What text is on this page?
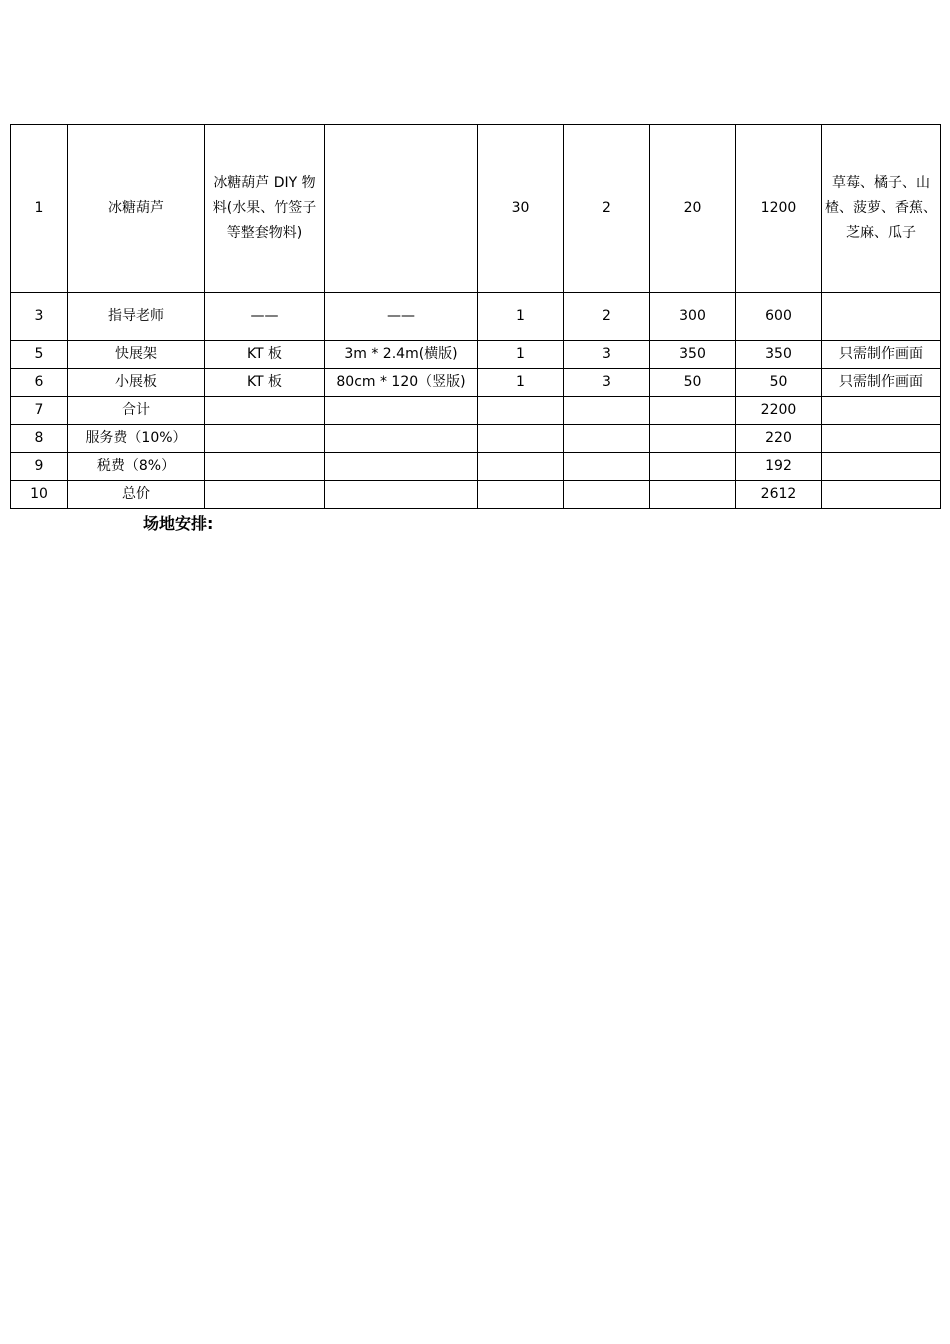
1	冰糖葫芦	冰糖葫芦 DIY 物料(水果、竹签子等整套物料)		30	2	20	1200	草莓、橘子、山楂、菠萝、香蕉、芝麻、瓜子
3	指导老师	——	——	1	2	300	600	
5	快展架	KT 板	3m * 2.4m(横版)	1	3	350	350	只需制作画面
6	小展板	KT 板	80cm * 120（竖版)	1	3	50	50	只需制作画面
7	合计						2200	
8	服务费（10%）						220	
9	税费（8%）						192	
10	总价						2612	
场地安排:
